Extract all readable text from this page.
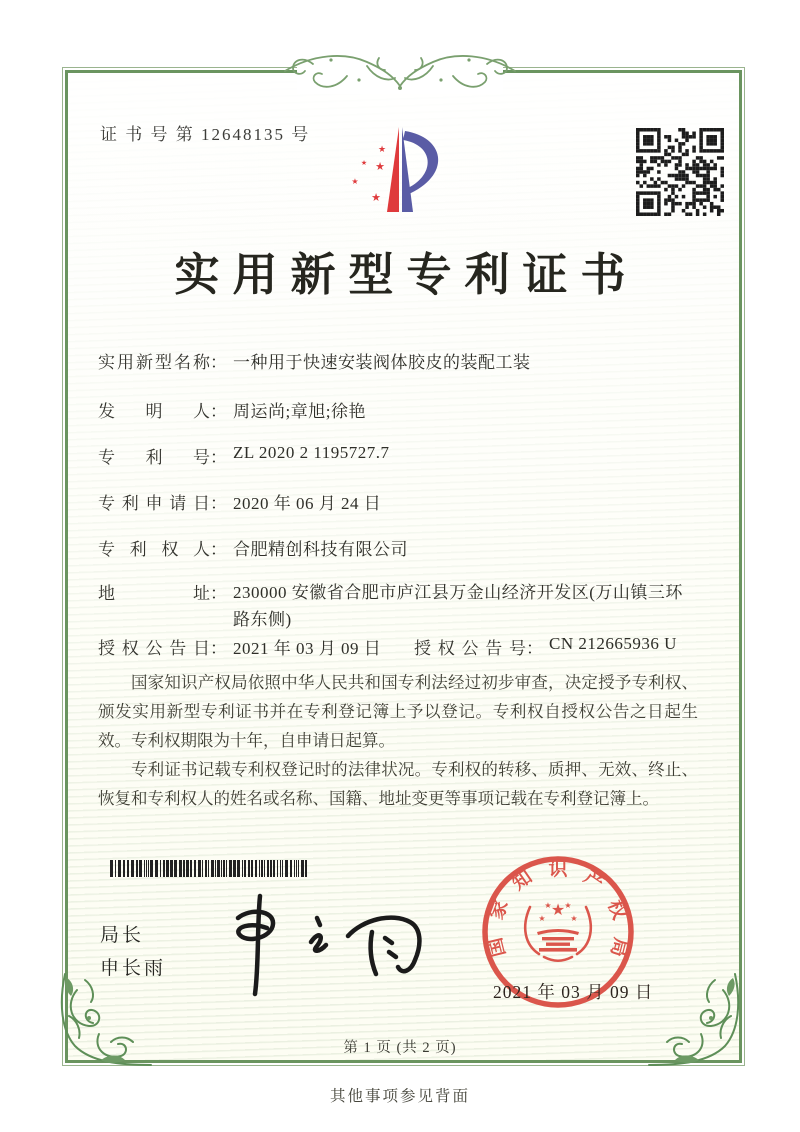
证 书 号 第 12648135 号
★
★ ★
★
★
实用新型专利证书
实用新型名称： 一种用于快速安装阀体胶皮的装配工装
发明人： 周运尚;章旭;徐艳
专利号： ZL 2020 2 1195727.7
专利申请日： 2020 年 06 月 24 日
专利权人： 合肥精创科技有限公司
地址： 230000 安徽省合肥市庐江县万金山经济开发区(万山镇三环路东侧)
授权公告日： 2021 年 03 月 09 日	授权公告号： CN 212665936 U

国家知识产权局依照中华人民共和国专利法经过初步审查，决定授予专利权、颁发实用新型专利证书并在专利登记簿上予以登记。专利权自授权公告之日起生效。专利权期限为十年，自申请日起算。

专利证书记载专利权登记时的法律状况。专利权的转移、质押、无效、终止、恢复和专利权人的姓名或名称、国籍、地址变更等事项记载在专利登记簿上。

局长
申长雨
★
★	★
★ ★
国
家
知 识 产
权
局
2021 年 03 月 09 日
第 1 页 (共 2 页)
其他事项参见背面
